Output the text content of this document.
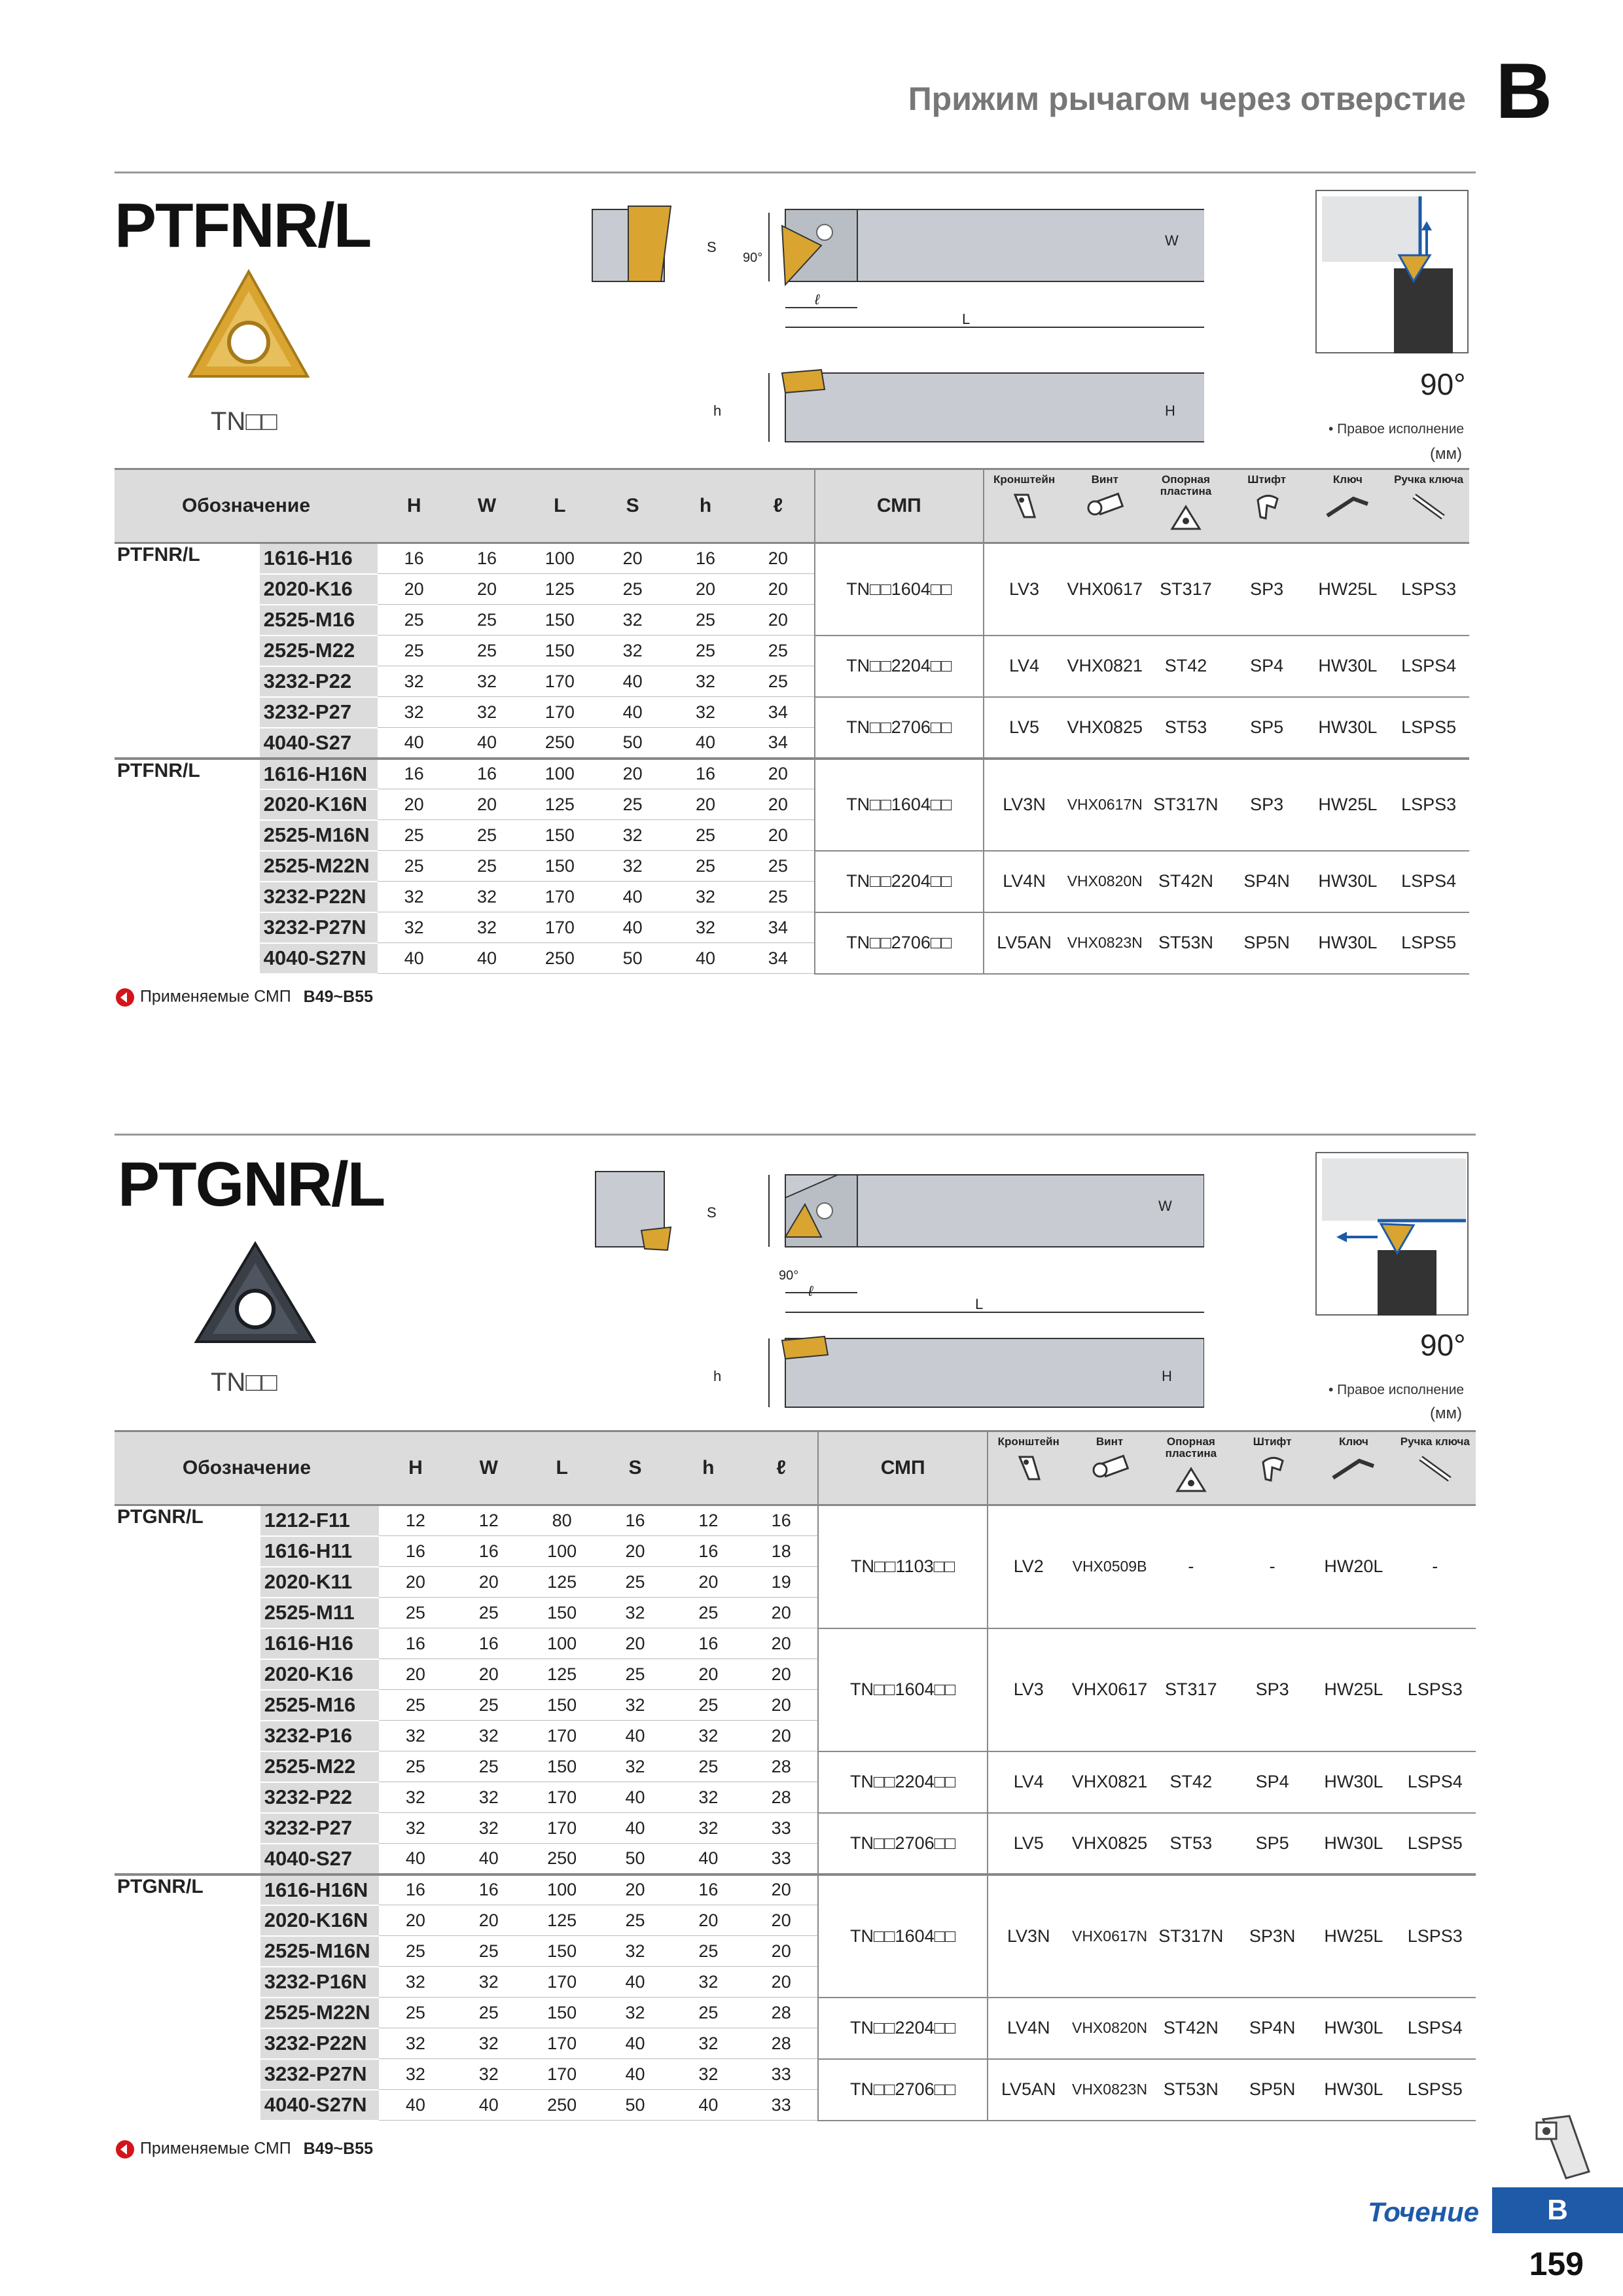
Прижим рычагом через отверстие B
PTFNR/L
TN□□
S
90°
W
ℓ
L
h	H
90°
• Правое исполнение
(мм)
Обозначение		H	W	L	S	h	ℓ	СМП	Кронштейн	Винт	Опорная пластина	Штифт	Ключ	Ручка ключа

PTFNR/L	1616-H16	16	16	100	20	16	20	TN□□1604□□	LV3	VHX0617	ST317	SP3	HW25L	LSPS3
	2020-K16	20	20	125	25	20	20							
	2525-M16	25	25	150	32	25	20							
	2525-M22	25	25	150	32	25	25	TN□□2204□□	LV4	VHX0821	ST42	SP4	HW30L	LSPS4
	3232-P22	32	32	170	40	32	25							
	3232-P27	32	32	170	40	32	34	TN□□2706□□	LV5	VHX0825	ST53	SP5	HW30L	LSPS5
	4040-S27	40	40	250	50	40	34							
PTFNR/L	1616-H16N	16	16	100	20	16	20	TN□□1604□□	LV3N	VHX0617N	ST317N	SP3	HW25L	LSPS3
	2020-K16N	20	20	125	25	20	20							
	2525-M16N	25	25	150	32	25	20							
	2525-M22N	25	25	150	32	25	25	TN□□2204□□	LV4N	VHX0820N	ST42N	SP4N	HW30L	LSPS4
	3232-P22N	32	32	170	40	32	25							
	3232-P27N	32	32	170	40	32	34	TN□□2706□□	LV5AN	VHX0823N	ST53N	SP5N	HW30L	LSPS5
	4040-S27N	40	40	250	50	40	34							
Применяемые СМП B49~B55
PTGNR/L
TN□□
S
90°
W
ℓ
L
h	H
90°
• Правое исполнение
(мм)
Обозначение		H	W	L	S	h	ℓ	СМП	Кронштейн	Винт	Опорная пластина	Штифт	Ключ	Ручка ключа

PTGNR/L	1212-F11	12	12	80	16	12	16	TN□□1103□□	LV2	VHX0509B	-	-	HW20L	-
	1616-H11	16	16	100	20	16	18							
	2020-K11	20	20	125	25	20	19							
	2525-M11	25	25	150	32	25	20							
	1616-H16	16	16	100	20	16	20	TN□□1604□□	LV3	VHX0617	ST317	SP3	HW25L	LSPS3
	2020-K16	20	20	125	25	20	20							
	2525-M16	25	25	150	32	25	20							
	3232-P16	32	32	170	40	32	20							
	2525-M22	25	25	150	32	25	28	TN□□2204□□	LV4	VHX0821	ST42	SP4	HW30L	LSPS4
	3232-P22	32	32	170	40	32	28							
	3232-P27	32	32	170	40	32	33	TN□□2706□□	LV5	VHX0825	ST53	SP5	HW30L	LSPS5
	4040-S27	40	40	250	50	40	33							
PTGNR/L	1616-H16N	16	16	100	20	16	20	TN□□1604□□	LV3N	VHX0617N	ST317N	SP3N	HW25L	LSPS3
	2020-K16N	20	20	125	25	20	20							
	2525-M16N	25	25	150	32	25	20							
	3232-P16N	32	32	170	40	32	20							
	2525-M22N	25	25	150	32	25	28	TN□□2204□□	LV4N	VHX0820N	ST42N	SP4N	HW30L	LSPS4
	3232-P22N	32	32	170	40	32	28							
	3232-P27N	32	32	170	40	32	33	TN□□2706□□	LV5AN	VHX0823N	ST53N	SP5N	HW30L	LSPS5
	4040-S27N	40	40	250	50	40	33							
Применяемые СМП B49~B55
Точение	B
159
